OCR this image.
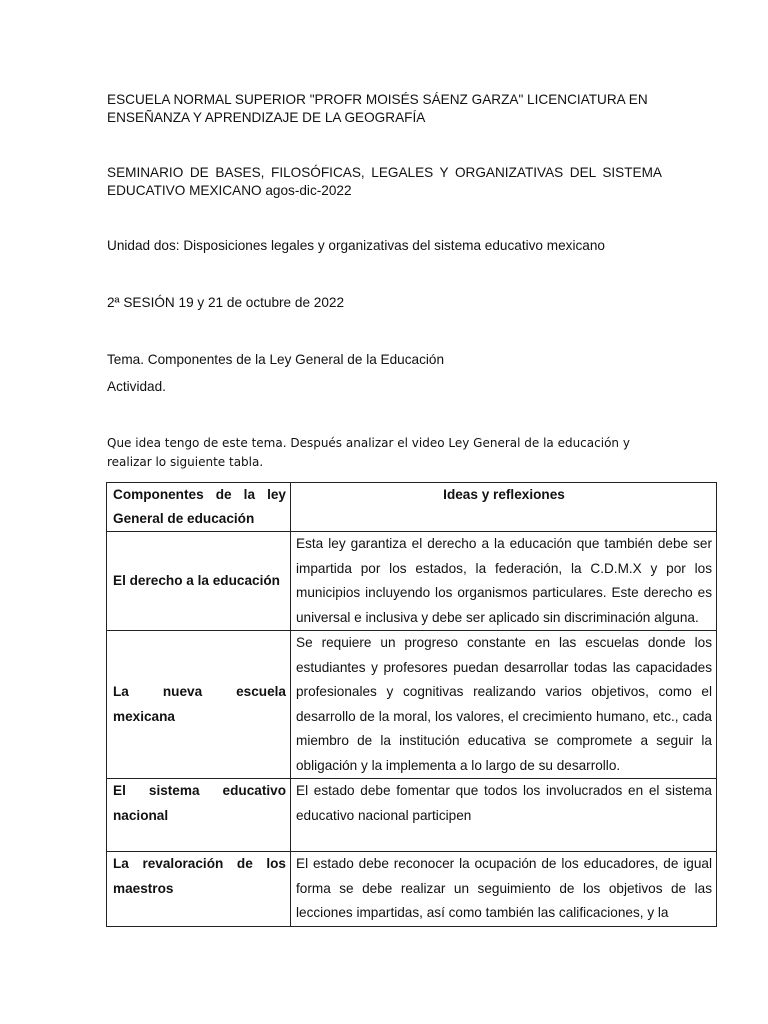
ESCUELA NORMAL SUPERIOR "PROFR MOISÉS SÁENZ GARZA" LICENCIATURA EN ENSEÑANZA Y APRENDIZAJE DE LA GEOGRAFÍA

SEMINARIO DE BASES, FILOSÓFICAS, LEGALES Y ORGANIZATIVAS DEL SISTEMA EDUCATIVO MEXICANO agos-dic-2022

Unidad dos: Disposiciones legales y organizativas del sistema educativo mexicano

2ª SESIÓN 19 y 21 de octubre de 2022

Tema. Componentes de la Ley General de la Educación

Actividad.

Que idea tengo de este tema. Después analizar el video Ley General de la educación y realizar lo siguiente tabla.

Componentes de la ley General de educación	Ideas y reflexiones
El derecho a la educación	Esta ley garantiza el derecho a la educación que también debe ser impartida por los estados, la federación, la C.D.M.X y por los municipios incluyendo los organismos particulares. Este derecho es universal e inclusiva y debe ser aplicado sin discriminación alguna.
La nueva escuela mexicana	Se requiere un progreso constante en las escuelas donde los estudiantes y profesores puedan desarrollar todas las capacidades profesionales y cognitivas realizando varios objetivos, como el desarrollo de la moral, los valores, el crecimiento humano, etc., cada miembro de la institución educativa se compromete a seguir la obligación y la implementa a lo largo de su desarrollo.
El sistema educativo nacional	El estado debe fomentar que todos los involucrados en el sistema educativo nacional participen

La revaloración de los maestros	El estado debe reconocer la ocupación de los educadores, de igual forma se debe realizar un seguimiento de los objetivos de las lecciones impartidas, así como también las calificaciones, y la
